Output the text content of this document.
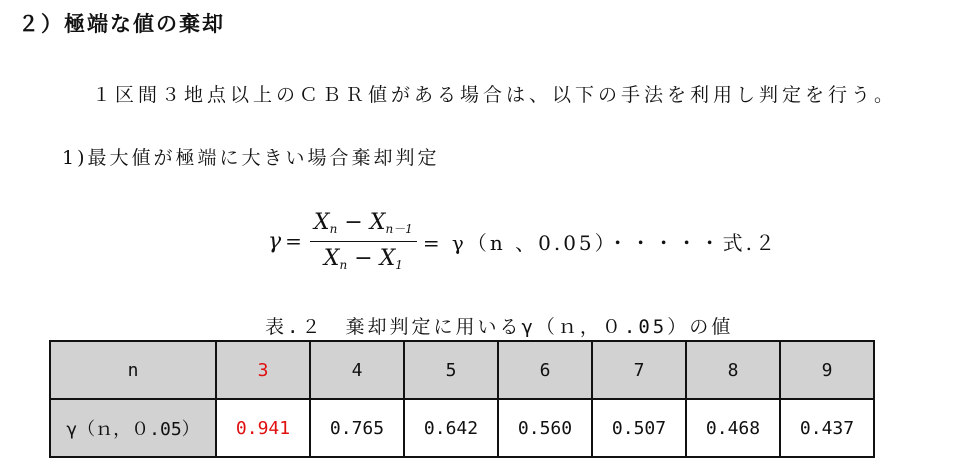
２）極端な値の棄却
１区間３地点以上のＣＢＲ値がある場合は、以下の手法を利用し判定を行う。
1)最大値が極端に大きい場合棄却判定
$\gamma = \frac{Xn - Xn-1}{Xn - X1} = \gamma(n$ 、0.05）・・・・・式.２
表.２　棄却判定に用いるγ（ｎ，０.05）の値
n	3	4	5	6	7	8	9
γ（ｎ，０.05）	0.941	0.765	0.642	0.560	0.507	0.468	0.437
